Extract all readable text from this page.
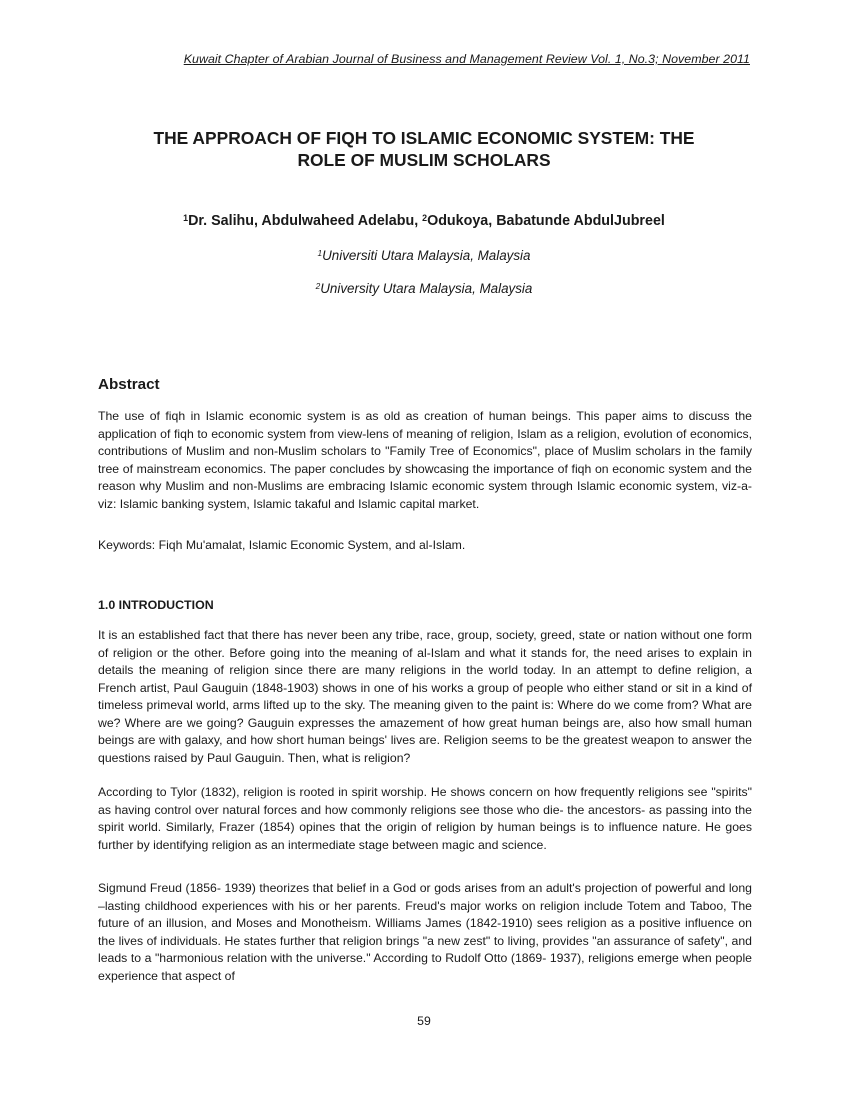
Kuwait Chapter of Arabian Journal of Business and Management Review Vol. 1, No.3; November 2011
THE APPROACH OF FIQH TO ISLAMIC ECONOMIC SYSTEM: THE
ROLE OF MUSLIM SCHOLARS
$^1$Dr. Salihu, Abdulwaheed Adelabu, $^2$Odukoya, Babatunde AbdulJubreel
$^1$Universiti Utara Malaysia, Malaysia
$^2$University Utara Malaysia, Malaysia
Abstract
The use of fiqh in Islamic economic system is as old as creation of human beings. This paper aims to discuss the application of fiqh to economic system from view-lens of meaning of religion, Islam as a religion, evolution of economics, contributions of Muslim and non-Muslim scholars to "Family Tree of Economics", place of Muslim scholars in the family tree of mainstream economics. The paper concludes by showcasing the importance of fiqh on economic system and the reason why Muslim and non-Muslims are embracing Islamic economic system through Islamic economic system, viz-a-viz: Islamic banking system, Islamic takaful and Islamic capital market.
Keywords: Fiqh Mu'amalat, Islamic Economic System, and al-Islam.
1.0 INTRODUCTION
It is an established fact that there has never been any tribe, race, group, society, greed, state or nation without one form of religion or the other. Before going into the meaning of al-Islam and what it stands for, the need arises to explain in details the meaning of religion since there are many religions in the world today. In an attempt to define religion, a French artist, Paul Gauguin (1848-1903) shows in one of his works a group of people who either stand or sit in a kind of timeless primeval world, arms lifted up to the sky. The meaning given to the paint is: Where do we come from? What are we? Where are we going? Gauguin expresses the amazement of how great human beings are, also how small human beings are with galaxy, and how short human beings' lives are. Religion seems to be the greatest weapon to answer the questions raised by Paul Gauguin. Then, what is religion?
According to Tylor (1832), religion is rooted in spirit worship. He shows concern on how frequently religions see "spirits" as having control over natural forces and how commonly religions see those who die- the ancestors- as passing into the spirit world. Similarly, Frazer (1854) opines that the origin of religion by human beings is to influence nature. He goes further by identifying religion as an intermediate stage between magic and science.
Sigmund Freud (1856- 1939) theorizes that belief in a God or gods arises from an adult's projection of powerful and long –lasting childhood experiences with his or her parents. Freud's major works on religion include Totem and Taboo, The future of an illusion, and Moses and Monotheism. Williams James (1842-1910) sees religion as a positive influence on the lives of individuals. He states further that religion brings "a new zest" to living, provides "an assurance of safety", and leads to a "harmonious relation with the universe." According to Rudolf Otto (1869- 1937), religions emerge when people experience that aspect of
59
